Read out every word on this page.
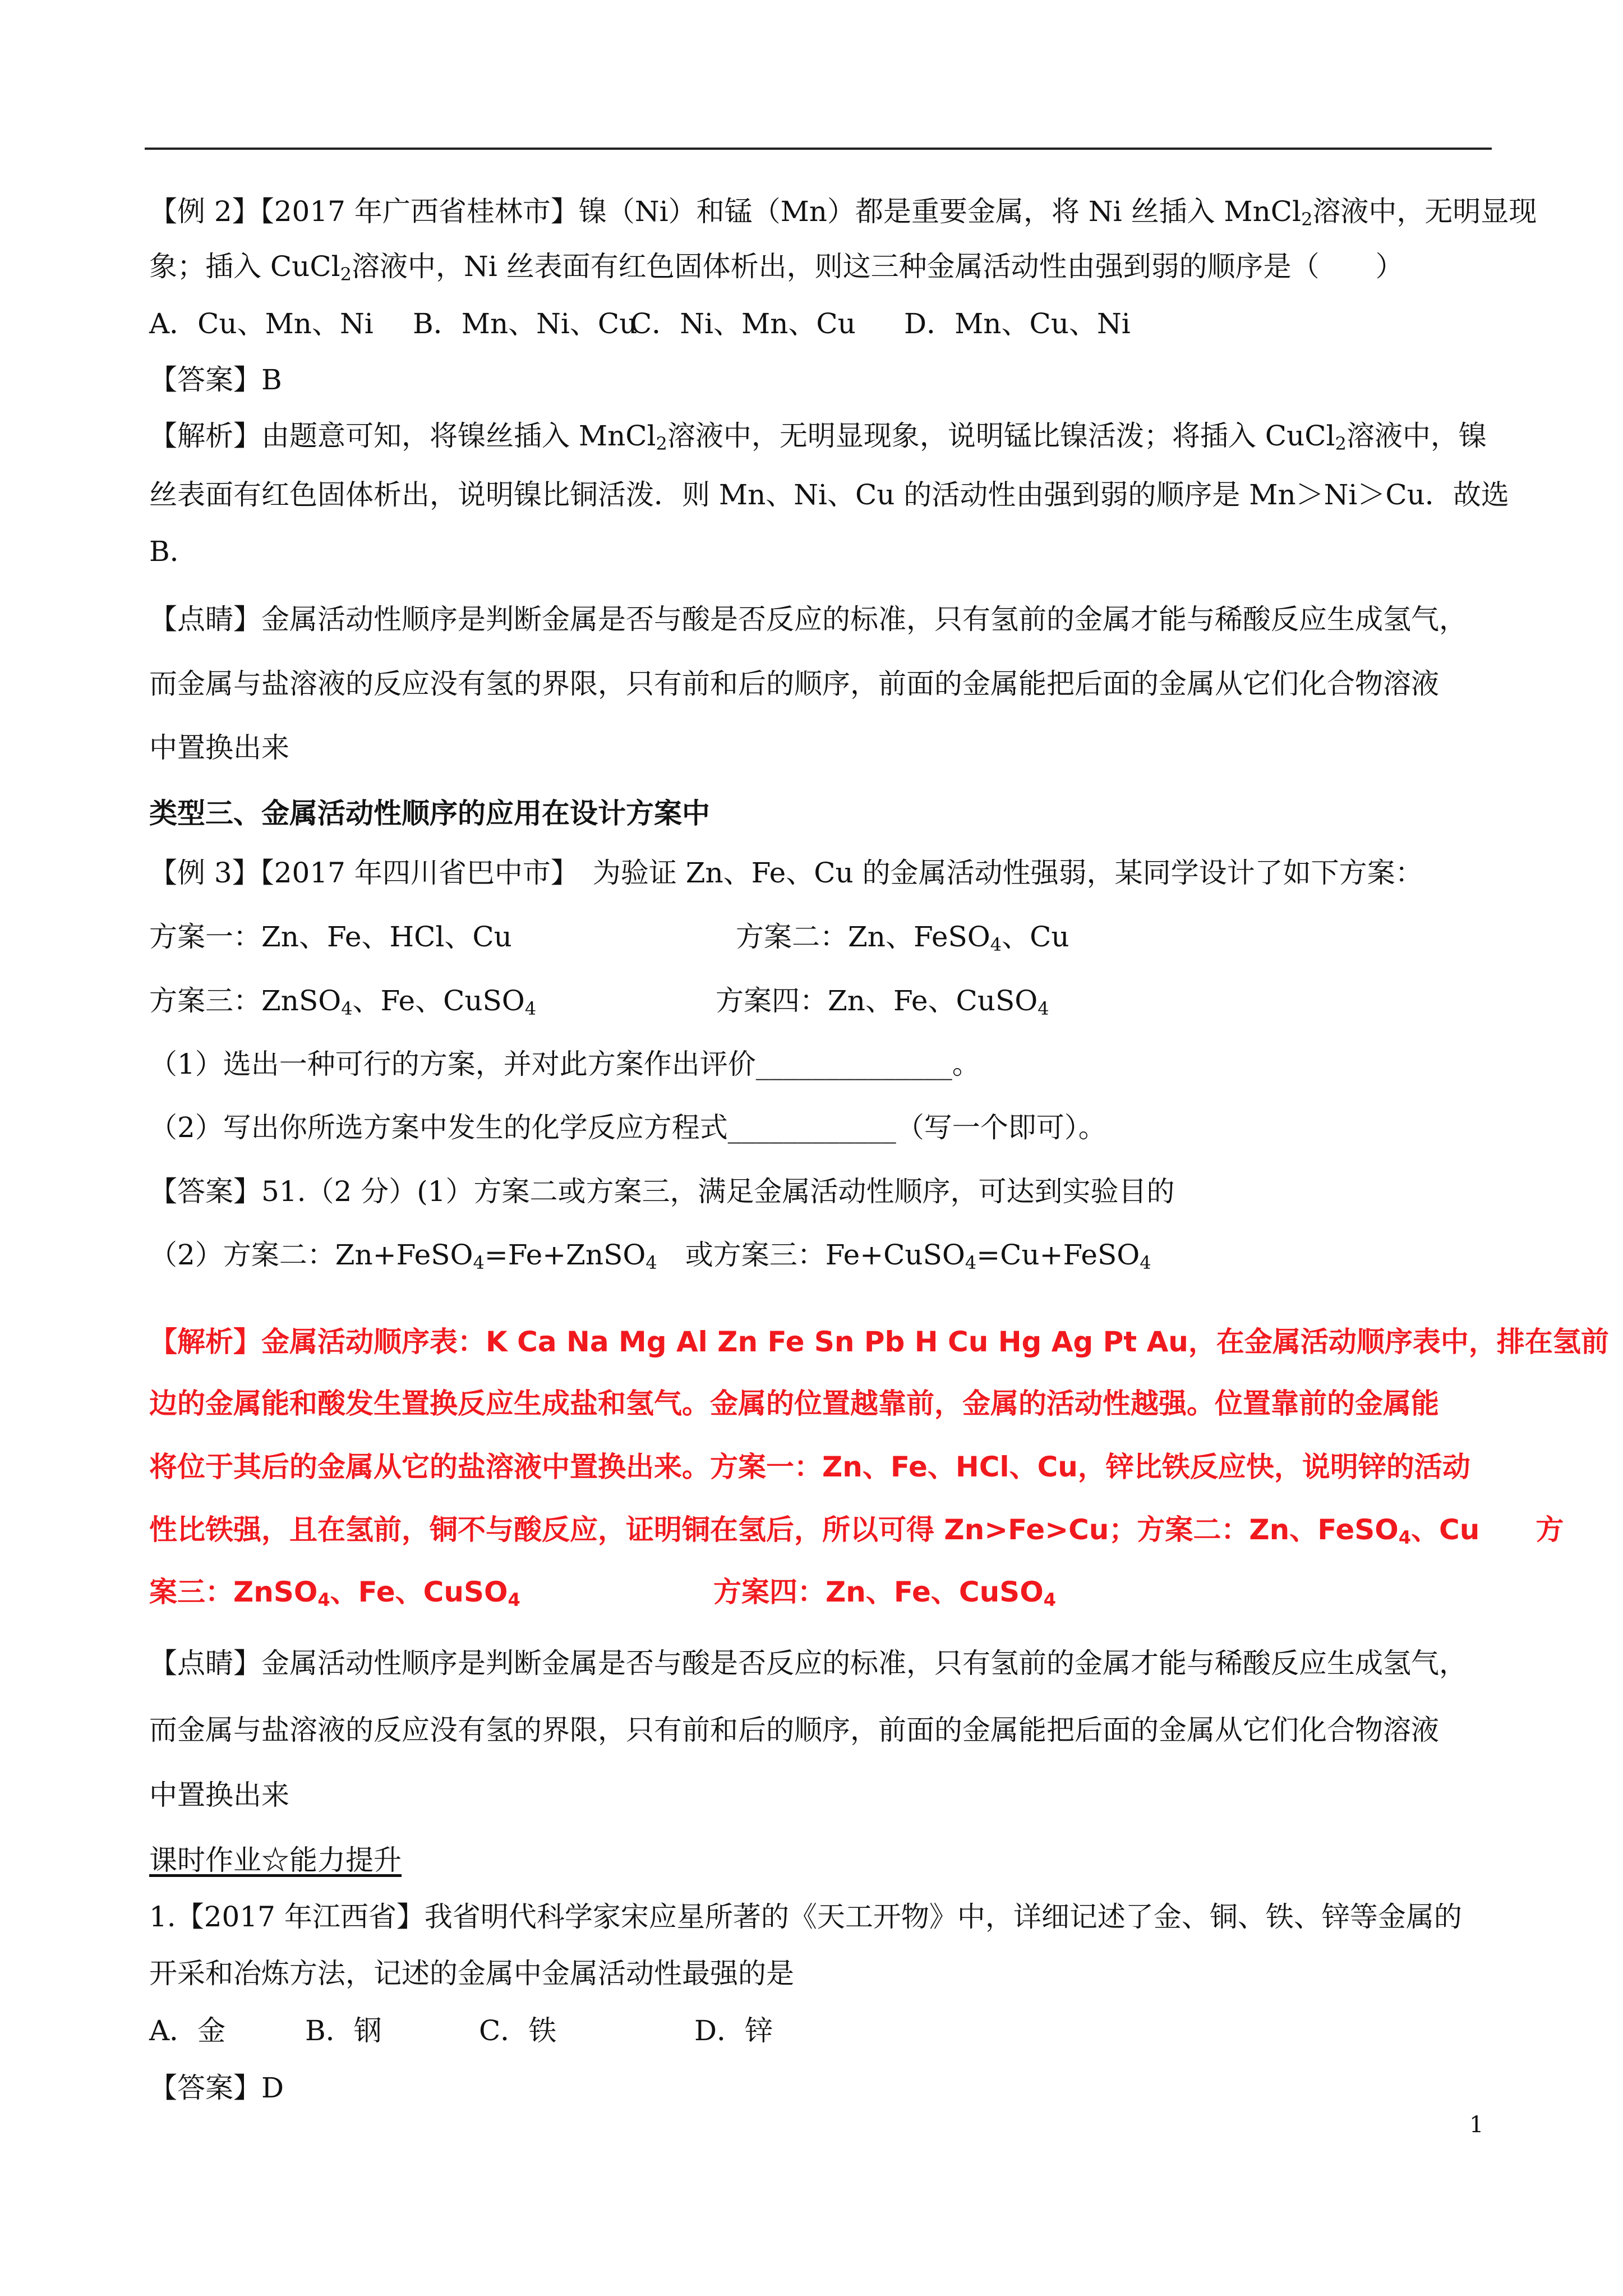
【例 2】【2017 年广西省桂林市】镍（Ni）和锰（Mn）都是重要金属，将 Ni 丝插入 MnCl$_2$溶液中，无明显现
象；插入 CuCl$_2$溶液中，Ni 丝表面有红色固体析出，则这三种金属活动性由强到弱的顺序是（　　）
A．Cu、Mn、Ni B．Mn、Ni、CuC．Ni、Mn、Cu D．Mn、Cu、Ni
【答案】B
【解析】由题意可知，将镍丝插入 MnCl$_2$溶液中，无明显现象，说明锰比镍活泼；将插入 CuCl$_2$溶液中，镍
丝表面有红色固体析出，说明镍比铜活泼．则 Mn、Ni、Cu 的活动性由强到弱的顺序是 Mn＞Ni＞Cu．故选
B．
【点睛】金属活动性顺序是判断金属是否与酸是否反应的标准，只有氢前的金属才能与稀酸反应生成氢气，
而金属与盐溶液的反应没有氢的界限，只有前和后的顺序，前面的金属能把后面的金属从它们化合物溶液
中置换出来
类型三、金属活动性顺序的应用在设计方案中
【例 3】【2017 年四川省巴中市】　为验证 Zn、Fe、Cu 的金属活动性强弱，某同学设计了如下方案：
方案一：Zn、Fe、HCl、Cu	方案二：Zn、FeSO$_4$、Cu
方案三：ZnSO$_4$、Fe、CuSO$_4$	方案四：Zn、Fe、CuSO$_4$
（1）选出一种可行的方案，并对此方案作出评价______________。
（2）写出你所选方案中发生的化学反应方程式____________（写一个即可）。
【答案】51.（2 分）(1）方案二或方案三，满足金属活动性顺序，可达到实验目的
（2）方案二：Zn+FeSO$_4$=Fe+ZnSO$_4$　或方案三：Fe+CuSO$_4$=Cu+FeSO$_4$
【解析】金属活动顺序表：K Ca Na Mg Al Zn Fe Sn Pb H Cu Hg Ag Pt Au，在金属活动顺序表中，排在氢前
边的金属能和酸发生置换反应生成盐和氢气。金属的位置越靠前，金属的活动性越强。位置靠前的金属能
将位于其后的金属从它的盐溶液中置换出来。方案一：Zn、Fe、HCl、Cu，锌比铁反应快，说明锌的活动
性比铁强，且在氢前，铜不与酸反应，证明铜在氢后，所以可得 Zn>Fe>Cu；方案二：Zn、FeSO$_4$、Cu　　方
案三：ZnSO$_4$、Fe、CuSO$_4$	方案四：Zn、Fe、CuSO$_4$
【点睛】金属活动性顺序是判断金属是否与酸是否反应的标准，只有氢前的金属才能与稀酸反应生成氢气，
而金属与盐溶液的反应没有氢的界限，只有前和后的顺序，前面的金属能把后面的金属从它们化合物溶液
中置换出来
课时作业☆能力提升
1.【2017 年江西省】我省明代科学家宋应星所著的《天工开物》中，详细记述了金、铜、铁、锌等金属的
开采和冶炼方法，记述的金属中金属活动性最强的是
A．金	B．钢	C．铁	D．锌
【答案】D
1
